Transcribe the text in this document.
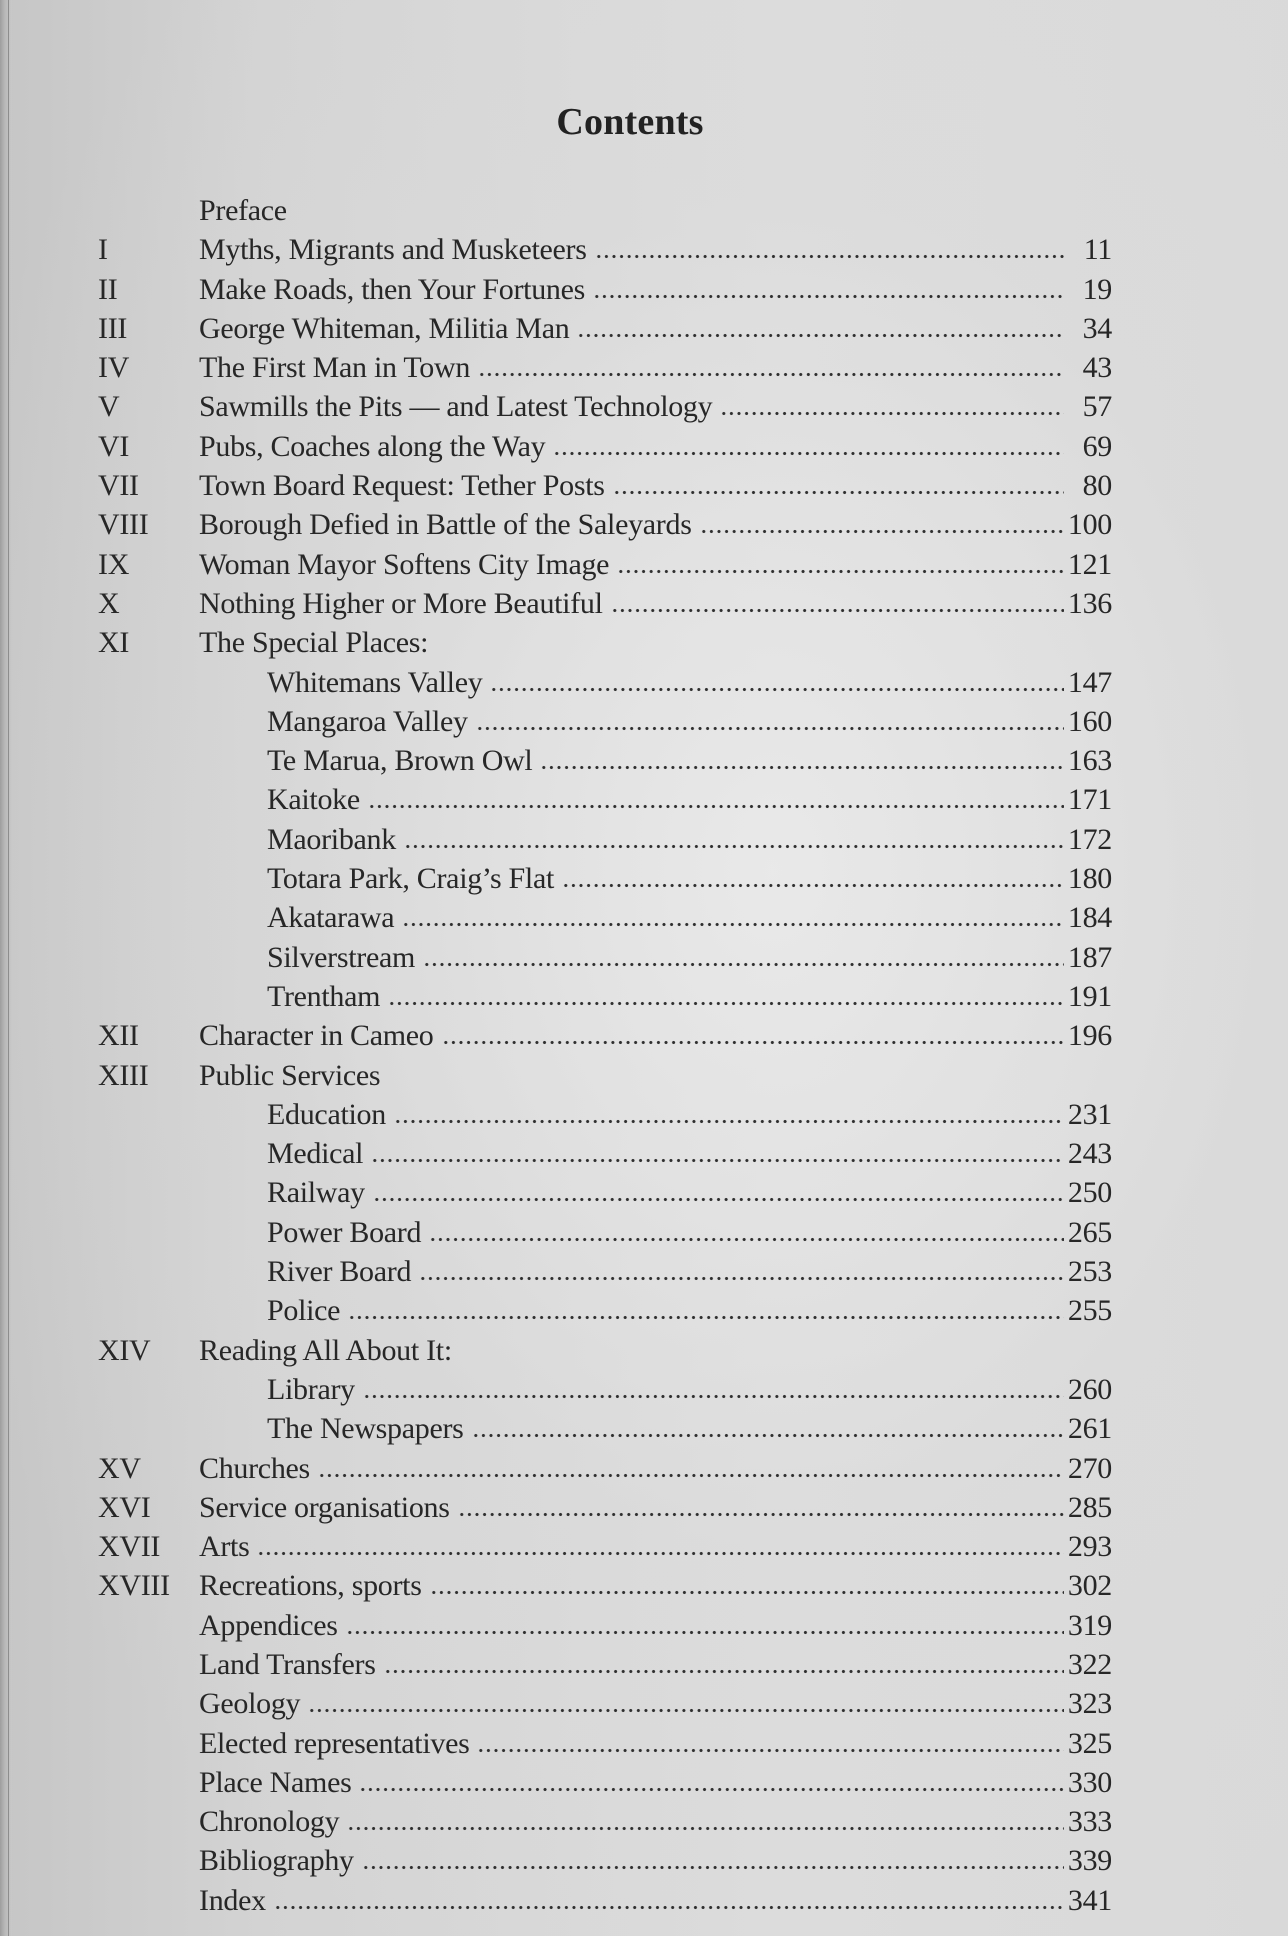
Contents
Preface
I	Myths, Migrants and Musketeers	11
II	Make Roads, then Your Fortunes	19
III George Whiteman, Militia Man	34
IV The First Man in Town	43
V	Sawmills the Pits — and Latest Technology	57
VI Pubs, Coaches along the Way	69
VII Town Board Request: Tether Posts	80
VIII Borough Defied in Battle of the Saleyards	100
IX Woman Mayor Softens City Image	121
X	Nothing Higher or More Beautiful	136
XI The Special Places:
Whitemans Valley	147
Mangaroa Valley	160
Te Marua, Brown Owl	163
Kaitoke	171
Maoribank	172
Totara Park, Craig’s Flat	180
Akatarawa	184
Silverstream	187
Trentham	191
XII Character in Cameo	196
XIII Public Services
Education	231
Medical	243
Railway	250
Power Board	265
River Board	253
Police	255
XIV Reading All About It:
Library	260
The Newspapers	261
XV Churches	270
XVI Service organisations	285
XVII Arts	293
XVIII Recreations, sports	302
Appendices	319
Land Transfers	322
Geology	323
Elected representatives	325
Place Names	330
Chronology	333
Bibliography	339
Index	341
